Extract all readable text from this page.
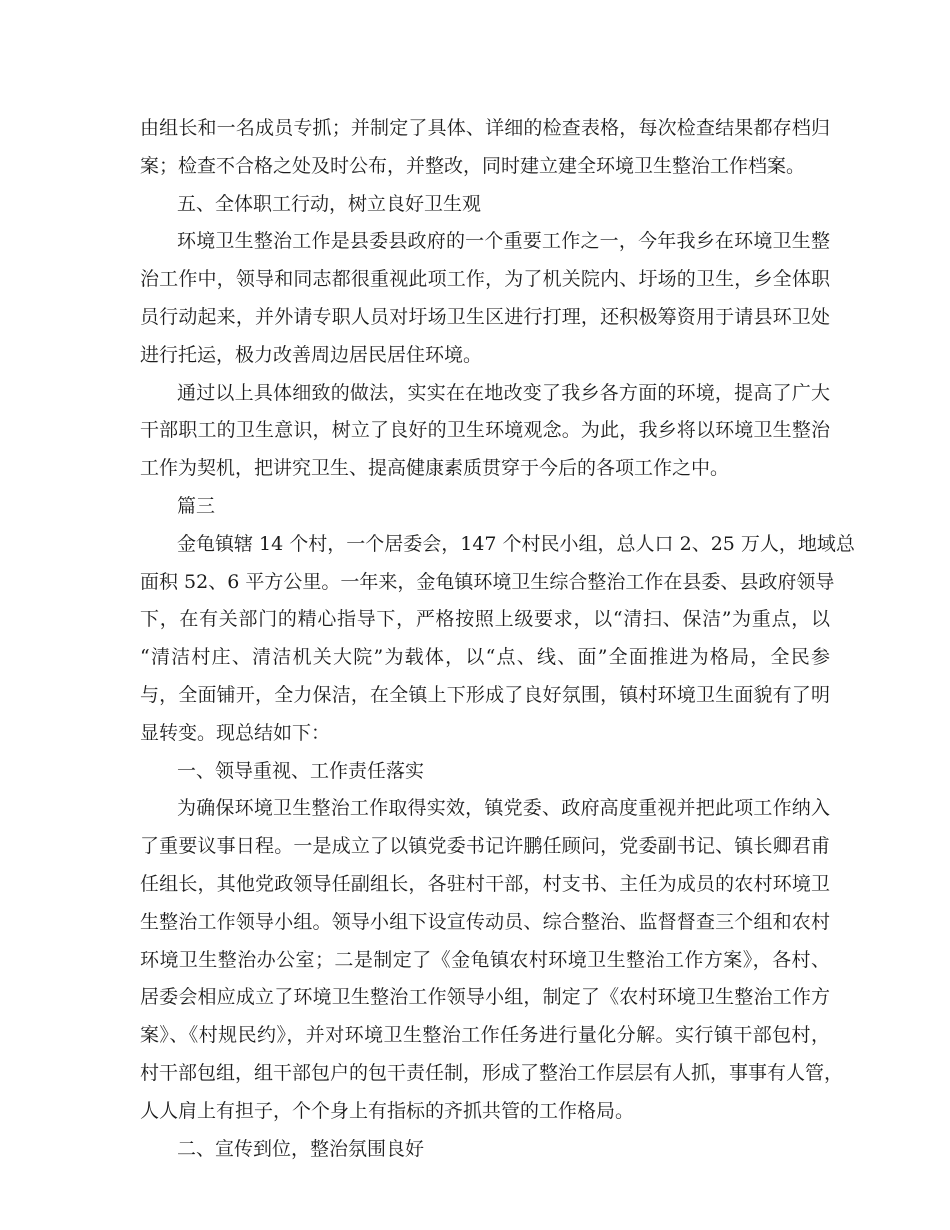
由组长和一名成员专抓；并制定了具体、详细的检查表格，每次检查结果都存档归
案；检查不合格之处及时公布，并整改，同时建立建全环境卫生整治工作档案。
五、全体职工行动，树立良好卫生观
环境卫生整治工作是县委县政府的一个重要工作之一，今年我乡在环境卫生整
治工作中，领导和同志都很重视此项工作，为了机关院内、圩场的卫生，乡全体职
员行动起来，并外请专职人员对圩场卫生区进行打理，还积极筹资用于请县环卫处
进行托运，极力改善周边居民居住环境。
通过以上具体细致的做法，实实在在地改变了我乡各方面的环境，提高了广大
干部职工的卫生意识，树立了良好的卫生环境观念。为此，我乡将以环境卫生整治
工作为契机，把讲究卫生、提高健康素质贯穿于今后的各项工作之中。
篇三
金龟镇辖 14 个村，一个居委会，147 个村民小组，总人口 2、25 万人，地域总
面积 52、6 平方公里。一年来，金龟镇环境卫生综合整治工作在县委、县政府领导
下，在有关部门的精心指导下，严格按照上级要求，以“清扫、保洁”为重点，以
“清洁村庄、清洁机关大院”为载体，以“点、线、面”全面推进为格局，全民参
与，全面铺开，全力保洁，在全镇上下形成了良好氛围，镇村环境卫生面貌有了明
显转变。现总结如下：
一、领导重视、工作责任落实
为确保环境卫生整治工作取得实效，镇党委、政府高度重视并把此项工作纳入
了重要议事日程。一是成立了以镇党委书记许鹏任顾问，党委副书记、镇长卿君甫
任组长，其他党政领导任副组长，各驻村干部，村支书、主任为成员的农村环境卫
生整治工作领导小组。领导小组下设宣传动员、综合整治、监督督查三个组和农村
环境卫生整治办公室；二是制定了《金龟镇农村环境卫生整治工作方案》，各村、
居委会相应成立了环境卫生整治工作领导小组，制定了《农村环境卫生整治工作方
案》、《村规民约》，并对环境卫生整治工作任务进行量化分解。实行镇干部包村，
村干部包组，组干部包户的包干责任制，形成了整治工作层层有人抓，事事有人管，
人人肩上有担子，个个身上有指标的齐抓共管的工作格局。
二、宣传到位，整治氛围良好
